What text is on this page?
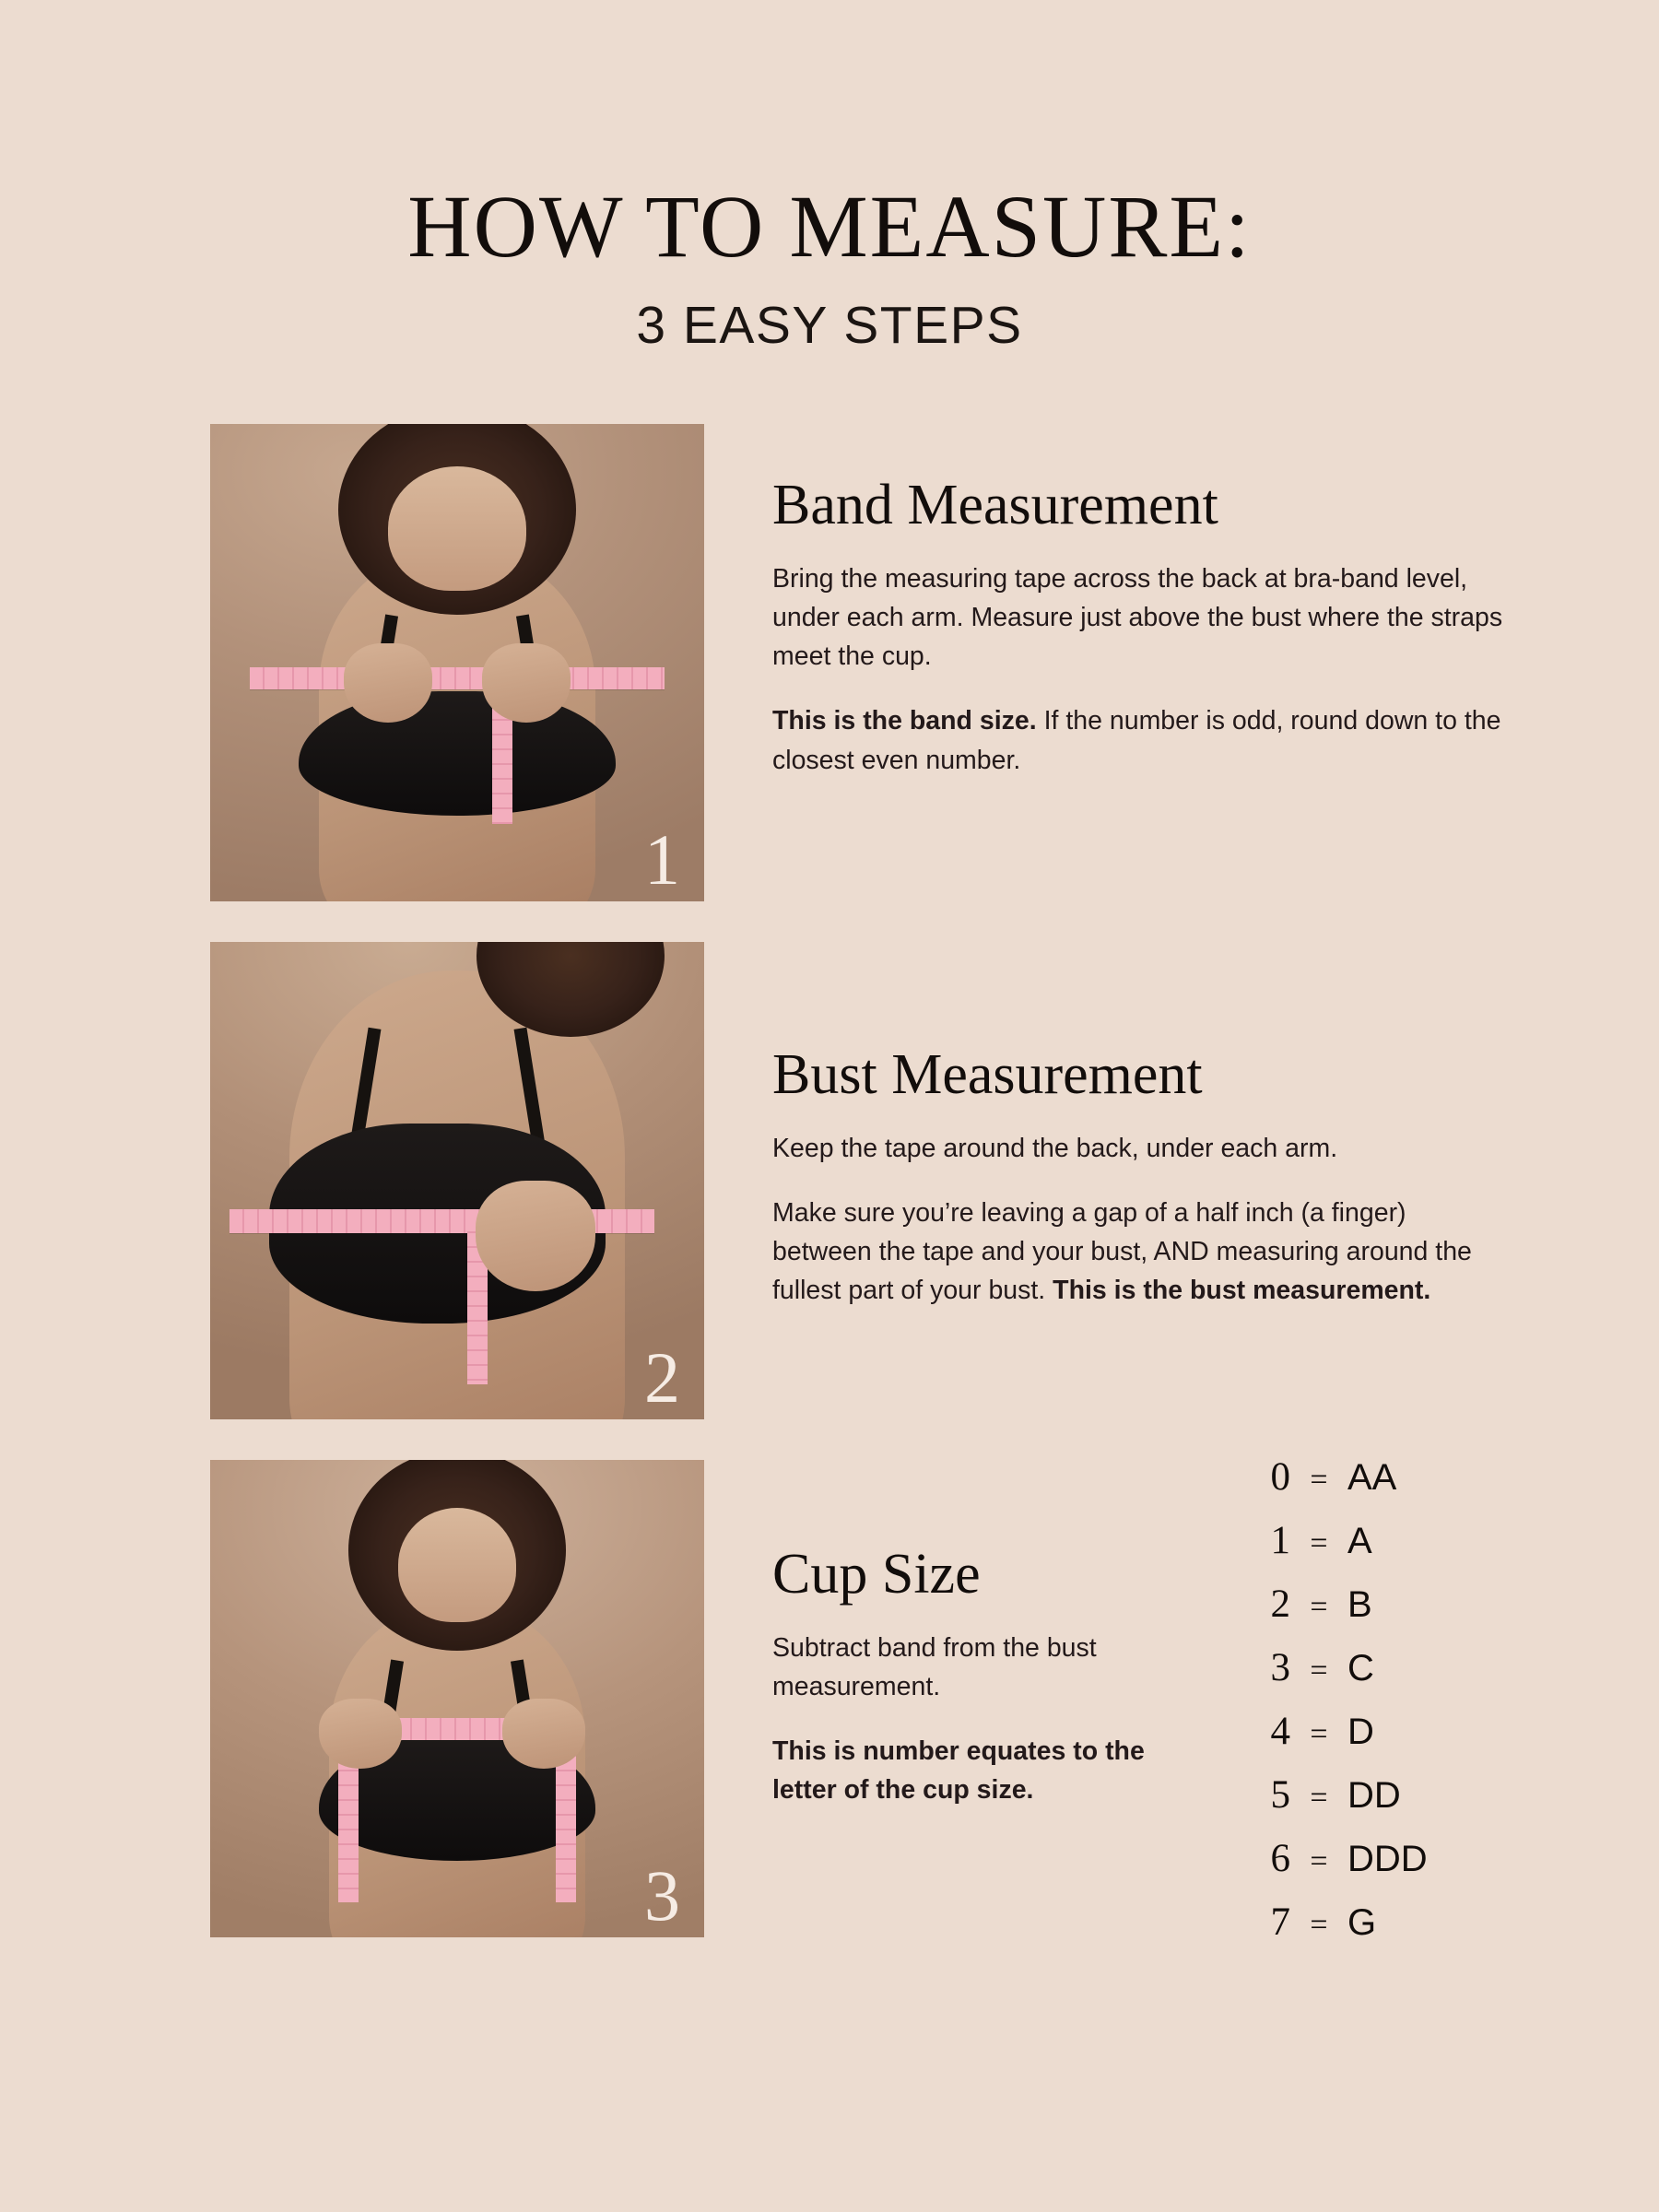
HOW TO MEASURE:
3 EASY STEPS
1
Band Measurement

Bring the measuring tape across the back at bra-band level, under each arm. Measure just above the bust where the straps meet the cup.

This is the band size. If the number is odd, round down to the closest even number.

2
Bust Measurement

Keep the tape around the back, under each arm.

Make sure you’re leaving a gap of a half inch (a finger) between the tape and your bust, AND measuring around the fullest part of your bust. This is the bust measurement.

3
Cup Size

Subtract band from the bust measurement.

This is number equates to the letter of the cup size.

0 = AA
1 = A
2 = B
3 = C
4 = D
5 = DD
6 = DDD
7 = G
